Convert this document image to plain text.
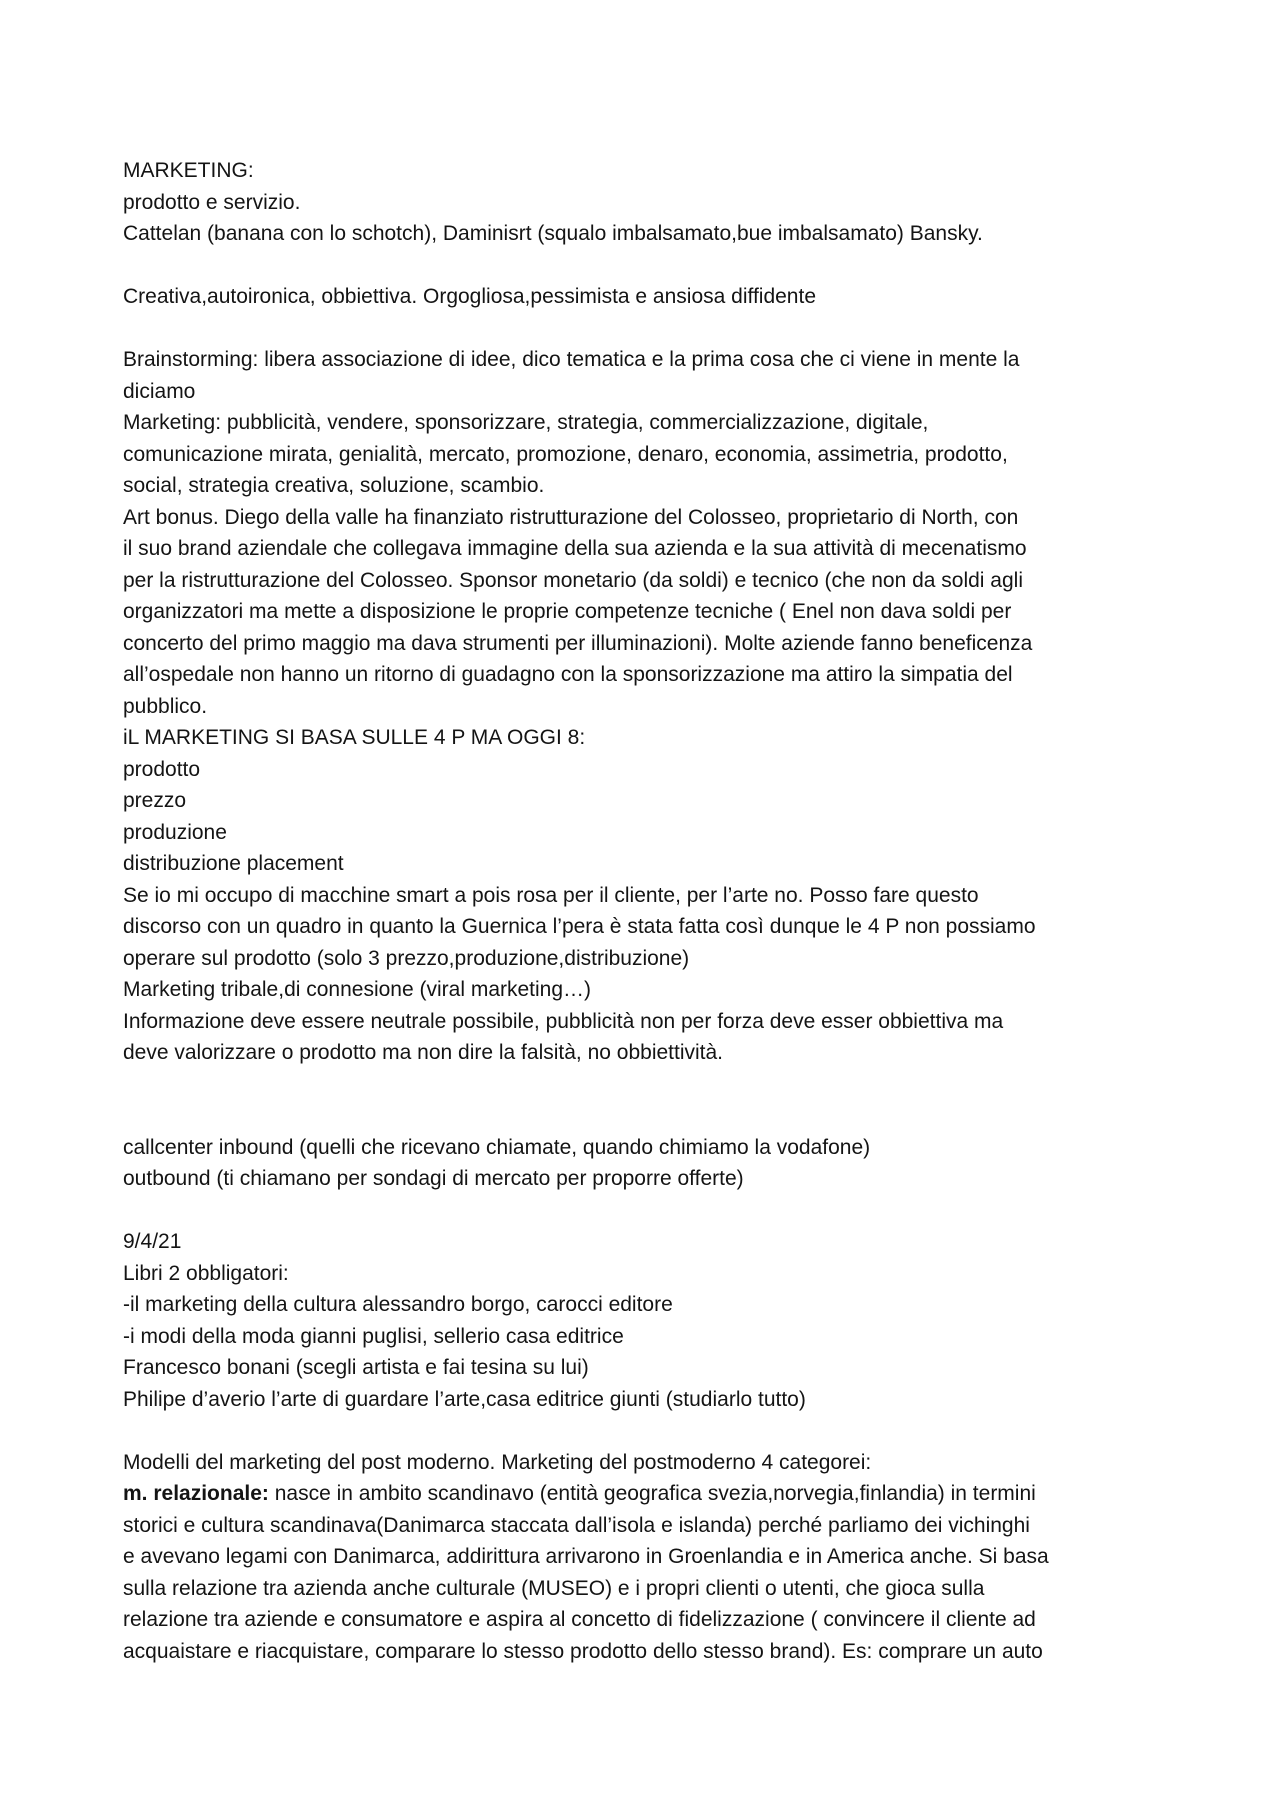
MARKETING:
prodotto e servizio.
Cattelan (banana con lo schotch), Daminisrt (squalo imbalsamato,bue imbalsamato) Bansky.
Creativa,autoironica, obbiettiva. Orgogliosa,pessimista e ansiosa diffidente
Brainstorming: libera associazione di idee, dico tematica e la prima cosa che ci viene in mente la
diciamo
Marketing: pubblicità, vendere, sponsorizzare, strategia, commercializzazione, digitale,
comunicazione mirata, genialità, mercato, promozione, denaro, economia, assimetria, prodotto,
social, strategia creativa, soluzione, scambio.
Art bonus. Diego della valle ha finanziato ristrutturazione del Colosseo, proprietario di North, con
il suo brand aziendale che collegava immagine della sua azienda e la sua attività di mecenatismo
per la ristrutturazione del Colosseo. Sponsor monetario (da soldi) e tecnico (che non da soldi agli
organizzatori ma mette a disposizione le proprie competenze tecniche ( Enel non dava soldi per
concerto del primo maggio ma dava strumenti per illuminazioni). Molte aziende fanno beneficenza
all’ospedale non hanno un ritorno di guadagno con la sponsorizzazione ma attiro la simpatia del
pubblico.
iL MARKETING SI BASA SULLE 4 P MA OGGI 8:
prodotto
prezzo
produzione
distribuzione placement
Se io mi occupo di macchine smart a pois rosa per il cliente, per l’arte no. Posso fare questo
discorso con un quadro in quanto la Guernica l’pera è stata fatta così dunque le 4 P non possiamo
operare sul prodotto (solo 3 prezzo,produzione,distribuzione)
Marketing tribale,di connesione (viral marketing…)
Informazione deve essere neutrale possibile, pubblicità non per forza deve esser obbiettiva ma
deve valorizzare o prodotto ma non dire la falsità, no obbiettività.
callcenter inbound (quelli che ricevano chiamate, quando chimiamo la vodafone)
outbound (ti chiamano per sondagi di mercato per proporre offerte)
9/4/21
Libri 2 obbligatori:
-il marketing della cultura alessandro borgo, carocci editore
-i modi della moda gianni puglisi, sellerio casa editrice
Francesco bonani (scegli artista e fai tesina su lui)
Philipe d’averio l’arte di guardare l’arte,casa editrice giunti (studiarlo tutto)
Modelli del marketing del post moderno. Marketing del postmoderno 4 categorei:
m. relazionale: nasce in ambito scandinavo (entità geografica svezia,norvegia,finlandia) in termini
storici e cultura scandinava(Danimarca staccata dall’isola e islanda) perché parliamo dei vichinghi
e avevano legami con Danimarca, addirittura arrivarono in Groenlandia e in America anche. Si basa
sulla relazione tra azienda anche culturale (MUSEO) e i propri clienti o utenti, che gioca sulla
relazione tra aziende e consumatore e aspira al concetto di fidelizzazione ( convincere il cliente ad
acquaistare e riacquistare, comparare lo stesso prodotto dello stesso brand). Es: comprare un auto
